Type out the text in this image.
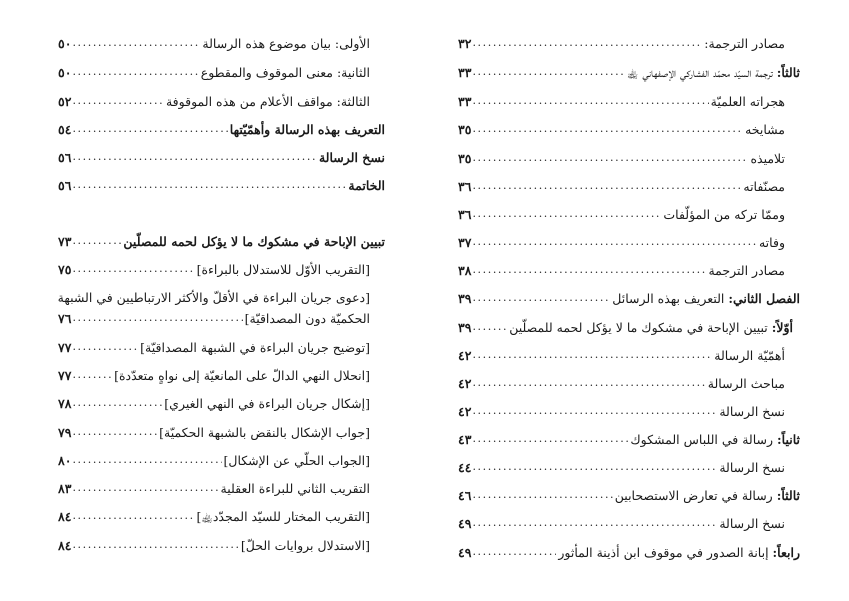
٣٢ .....	مصادر الترجمة:
٣٣ .....	ثالثاً: ترجمة السيّد محمّد الفشاركي الإصفهاني ﵀
٣٣ .....	هجراته العلميّة
٣٥ .....	مشايخه
٣٥ .....	تلاميذه
٣٦ .....	مصنّفاته
٣٦ .....	وممّا تركه من المؤلّفات
٣٧ .....	وفاته
٣٨ .....	مصادر الترجمة
٣٩ .....	الفصل الثاني: التعريف بهذه الرسائل
٣٩ .....	أوّلاً: تبيين الإباحة في مشكوك ما لا يؤكل لحمه للمصلّين
٤٢ .....	أهمّيّة الرسالة
٤٢ .....	مباحث الرسالة
٤٢ .....	نسخ الرسالة
٤٣ .....	ثانياً: رسالة في اللباس المشكوك
٤٤ .....	نسخ الرسالة
٤٦ .....	ثالثاً: رسالة في تعارض الاستصحابين
٤٩ .....	نسخ الرسالة
٤٩ .....	رابعاً: إبانة الصدور في موقوف ابن أذينة المأثور
٥٠ .....	الأولى: بيان موضوع هذه الرسالة
٥٠ .....	الثانية: معنى الموقوف والمقطوع
٥٢ .....	الثالثة: مواقف الأعلام من هذه الموقوفة
٥٤ .....	التعريف بهذه الرسالة وأهمّيّتها
٥٦ .....	نسخ الرسالة
٥٦ .....	الخاتمة
٧٣ .....	تبيين الإباحة في مشكوك ما لا يؤكل لحمه للمصلّين
٧٥ .....	[التقريب الأوّل للاستدلال بالبراءة]
[دعوى جريان البراءة في الأقلّ والأكثر الارتباطيين في الشبهة
٧٦ .....	الحكميّة دون المصداقيّة]
٧٧ .....	[توضيح جريان البراءة في الشبهة المصداقيّة]
٧٧ .....	[انحلال النهي الدالّ على المانعيّة إلى نواهٍ متعدّدة]
٧٨ .....	[إشكال جريان البراءة في النهي الغيري]
٧٩ .....	[جواب الإشكال بالنقض بالشبهة الحكميّة]
٨٠ .....	[الجواب الحلّي عن الإشكال]
٨٣ .....	التقريب الثاني للبراءة العقلية
٨٤ .....	[التقريب المختار للسيّد المجدّد﵀]
٨٤ .....	[الاستدلال بروايات الحلّ]
